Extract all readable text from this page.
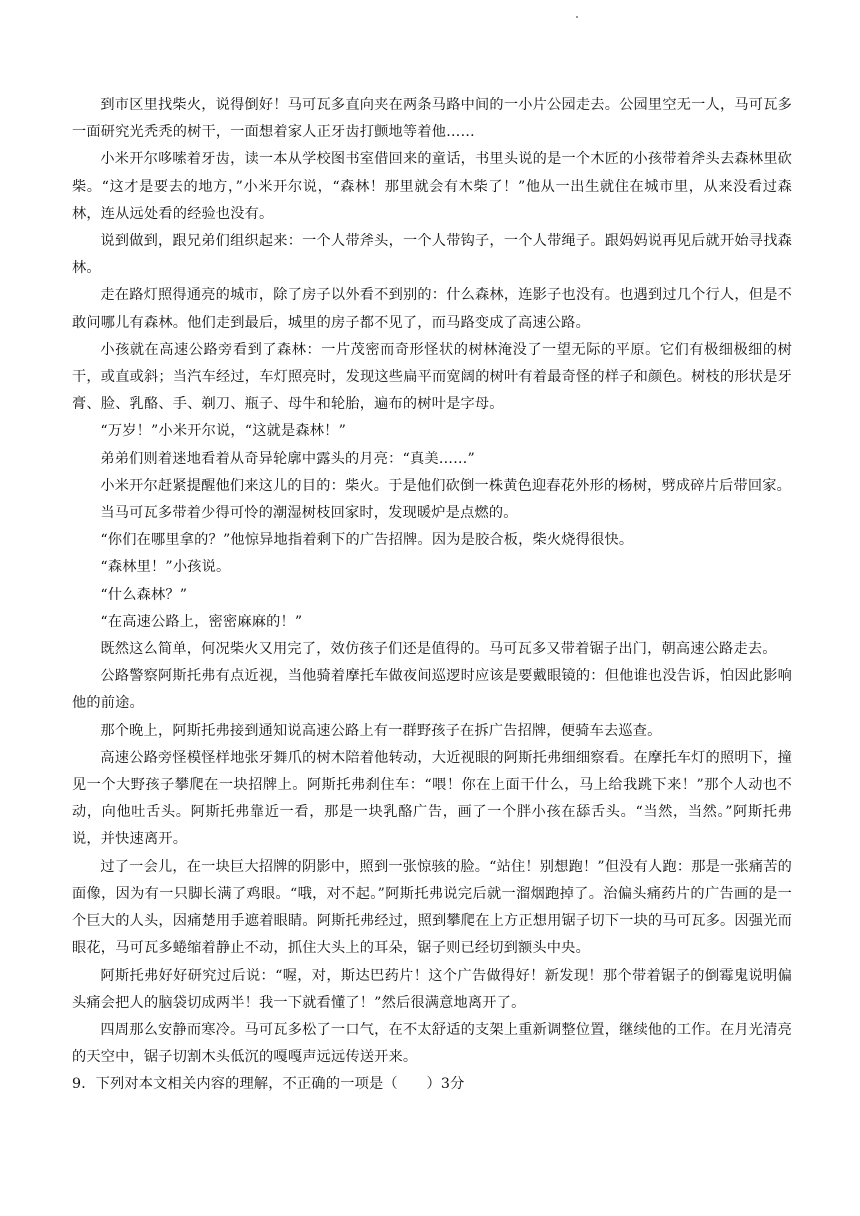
到市区里找柴火，说得倒好！马可瓦多直向夹在两条马路中间的一小片公园走去。公园里空无一人，马可瓦多一面研究光秃秃的树干，一面想着家人正牙齿打颤地等着他……

小米开尔哆嗦着牙齿，读一本从学校图书室借回来的童话，书里头说的是一个木匠的小孩带着斧头去森林里砍柴。“这才是要去的地方，”小米开尔说，“森林！那里就会有木柴了！”他从一出生就住在城市里，从来没看过森林，连从远处看的经验也没有。

说到做到，跟兄弟们组织起来：一个人带斧头，一个人带钩子，一个人带绳子。跟妈妈说再见后就开始寻找森林。

走在路灯照得通亮的城市，除了房子以外看不到别的：什么森林，连影子也没有。也遇到过几个行人，但是不敢问哪儿有森林。他们走到最后，城里的房子都不见了，而马路变成了高速公路。

小孩就在高速公路旁看到了森林：一片茂密而奇形怪状的树林淹没了一望无际的平原。它们有极细极细的树干，或直或斜；当汽车经过，车灯照亮时，发现这些扁平而宽阔的树叶有着最奇怪的样子和颜色。树枝的形状是牙膏、脸、乳酪、手、剃刀、瓶子、母牛和轮胎，遍布的树叶是字母。

“万岁！”小米开尔说，“这就是森林！”

弟弟们则着迷地看着从奇异轮廓中露头的月亮：“真美……”

小米开尔赶紧提醒他们来这儿的目的：柴火。于是他们砍倒一株黄色迎春花外形的杨树，劈成碎片后带回家。

当马可瓦多带着少得可怜的潮湿树枝回家时，发现暖炉是点燃的。

“你们在哪里拿的？”他惊异地指着剩下的广告招牌。因为是胶合板，柴火烧得很快。

“森林里！”小孩说。

“什么森林？”

“在高速公路上，密密麻麻的！”

既然这么简单，何况柴火又用完了，效仿孩子们还是值得的。马可瓦多又带着锯子出门，朝高速公路走去。

公路警察阿斯托弗有点近视，当他骑着摩托车做夜间巡逻时应该是要戴眼镜的：但他谁也没告诉，怕因此影响他的前途。

那个晚上，阿斯托弗接到通知说高速公路上有一群野孩子在拆广告招牌，便骑车去巡查。

高速公路旁怪模怪样地张牙舞爪的树木陪着他转动，大近视眼的阿斯托弗细细察看。在摩托车灯的照明下，撞见一个大野孩子攀爬在一块招牌上。阿斯托弗刹住车：“喂！你在上面干什么，马上给我跳下来！”那个人动也不动，向他吐舌头。阿斯托弗靠近一看，那是一块乳酪广告，画了一个胖小孩在舔舌头。“当然，当然。”阿斯托弗说，并快速离开。

过了一会儿，在一块巨大招牌的阴影中，照到一张惊骇的脸。“站住！别想跑！”但没有人跑：那是一张痛苦的面像，因为有一只脚长满了鸡眼。“哦，对不起。”阿斯托弗说完后就一溜烟跑掉了。治偏头痛药片的广告画的是一个巨大的人头，因痛楚用手遮着眼睛。阿斯托弗经过，照到攀爬在上方正想用锯子切下一块的马可瓦多。因强光而眼花，马可瓦多蜷缩着静止不动，抓住大头上的耳朵，锯子则已经切到额头中央。

阿斯托弗好好研究过后说：“喔，对，斯达巴药片！这个广告做得好！新发现！那个带着锯子的倒霉鬼说明偏头痛会把人的脑袋切成两半！我一下就看懂了！”然后很满意地离开了。

四周那么安静而寒冷。马可瓦多松了一口气，在不太舒适的支架上重新调整位置，继续他的工作。在月光清亮的天空中，锯子切割木头低沉的嘎嘎声远远传送开来。

9．下列对本文相关内容的理解，不正确的一项是（　　）3分
